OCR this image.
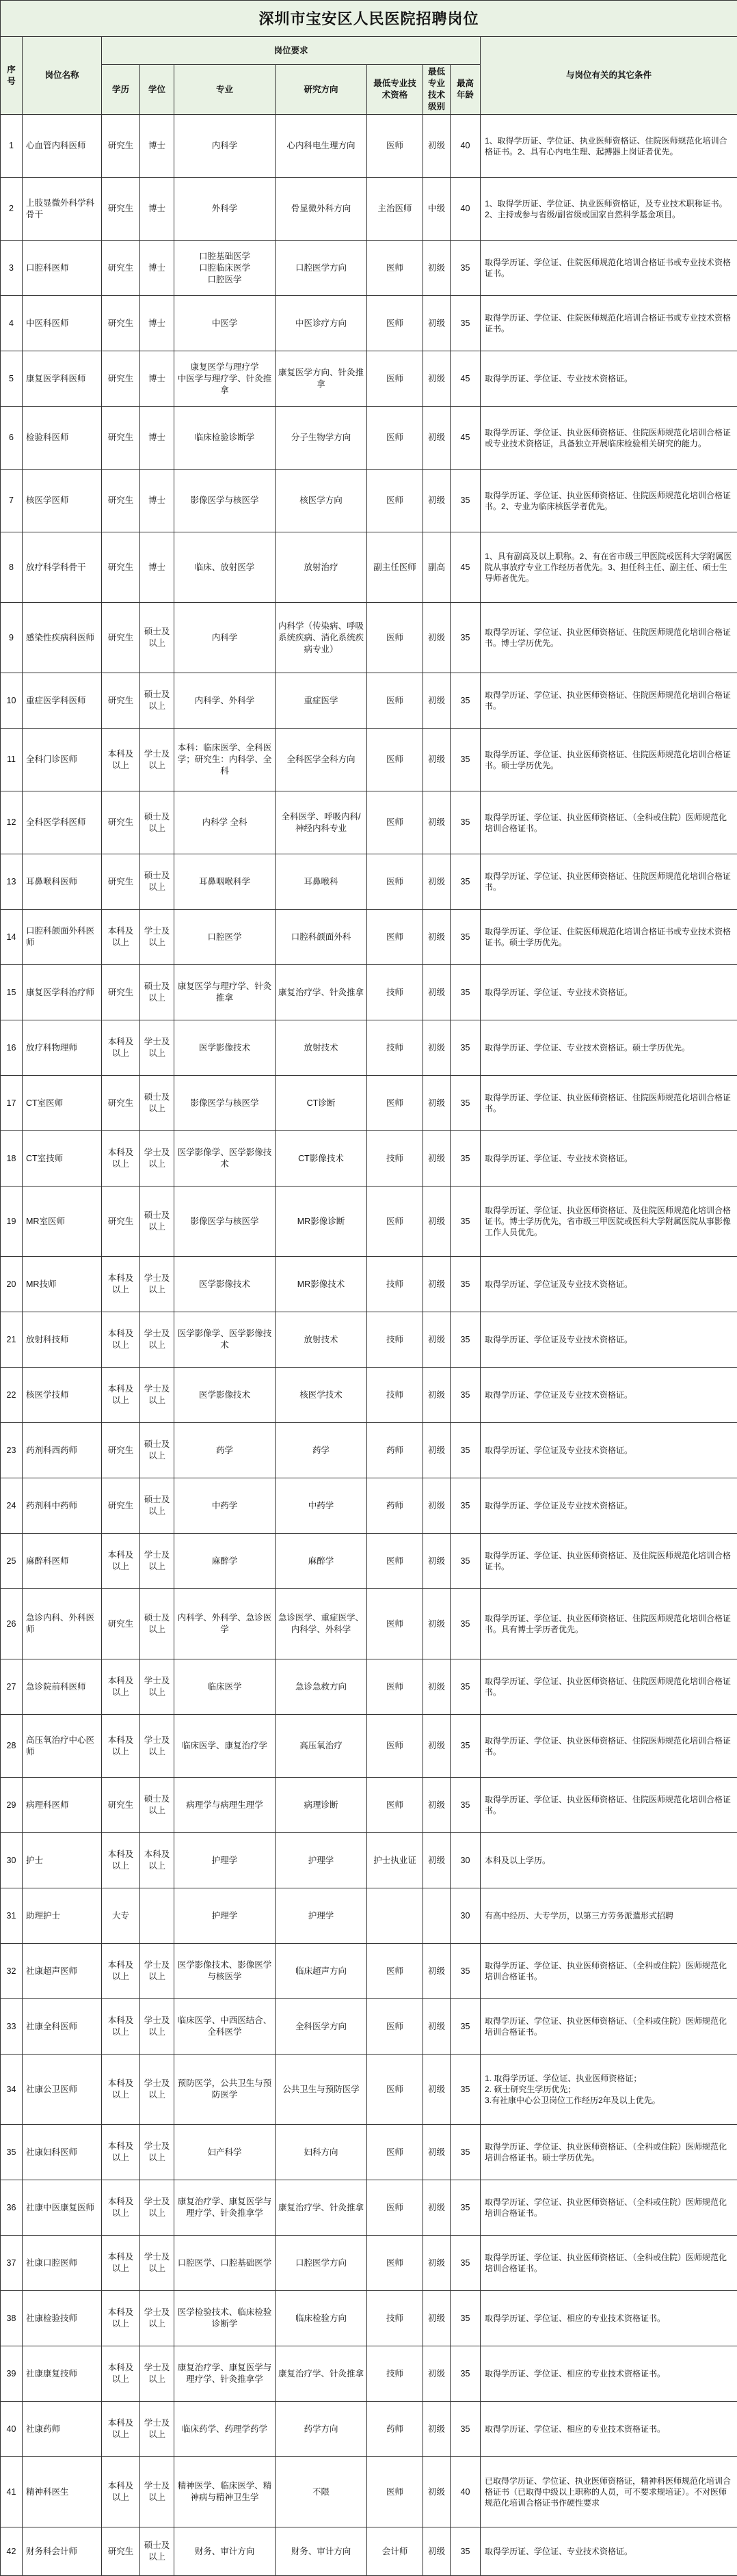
深圳市宝安区人民医院招聘岗位									
序号	岗位名称	岗位要求							与岗位有关的其它条件
		学历	学位	专业	研究方向	最低专业技术资格	最低专业技术级别	最高年龄	
1	心血管内科医师	研究生	博士	内科学	心内科电生理方向	医师	初级	40	1、取得学历证、学位证、执业医师资格证、住院医师规范化培训合格证书。2、具有心内电生理、起搏器上岗证者优先。
2	上肢显微外科学科骨干	研究生	博士	外科学	骨显微外科方向	主治医师	中级	40	1、取得学历证、学位证、执业医师资格证，及专业技术职称证书。2、主持或参与省级/副省级或国家自然科学基金项目。
3	口腔科医师	研究生	博士	口腔基础医学
口腔临床医学
口腔医学	口腔医学方向	医师	初级	35	取得学历证、学位证、住院医师规范化培训合格证书或专业技术资格证书。
4	中医科医师	研究生	博士	中医学	中医诊疗方向	医师	初级	35	取得学历证、学位证、住院医师规范化培训合格证书或专业技术资格证书。
5	康复医学科医师	研究生	博士	康复医学与理疗学
中医学与理疗学、针灸推拿	康复医学方向、针灸推拿	医师	初级	45	取得学历证、学位证、专业技术资格证。
6	检验科医师	研究生	博士	临床检验诊断学	分子生物学方向	医师	初级	45	取得学历证、学位证、执业医师资格证、住院医师规范化培训合格证或专业技术资格证，具备独立开展临床检验相关研究的能力。
7	核医学医师	研究生	博士	影像医学与核医学	核医学方向	医师	初级	35	取得学历证、学位证、执业医师资格证、住院医师规范化培训合格证书。2、专业为临床核医学者优先。
8	放疗科学科骨干	研究生	博士	临床、放射医学	放射治疗	副主任医师	副高	45	1、具有副高及以上职称。2、有在省市级三甲医院或医科大学附属医院从事放疗专业工作经历者优先。3、担任科主任、副主任、硕士生导师者优先。
9	感染性疾病科医师	研究生	硕士及以上	内科学	内科学（传染病、呼吸系统疾病、消化系统疾病专业）	医师	初级	35	取得学历证、学位证、执业医师资格证、住院医师规范化培训合格证书。博士学历优先。
10	重症医学科医师	研究生	硕士及以上	内科学、外科学	重症医学	医师	初级	35	取得学历证、学位证、执业医师资格证、住院医师规范化培训合格证书。
11	全科门诊医师	本科及以上	学士及以上	本科：临床医学、全科医学；研究生：内科学、全科	全科医学全科方向	医师	初级	35	取得学历证、学位证、执业医师资格证、住院医师规范化培训合格证书。硕士学历优先。
12	全科医学科医师	研究生	硕士及以上	内科学 全科	全科医学、呼吸内科/神经内科专业	医师	初级	35	取得学历证、学位证、执业医师资格证、（全科或住院）医师规范化培训合格证书。
13	耳鼻喉科医师	研究生	硕士及以上	耳鼻咽喉科学	耳鼻喉科	医师	初级	35	取得学历证、学位证、执业医师资格证、住院医师规范化培训合格证书。
14	口腔科颌面外科医师	本科及以上	学士及以上	口腔医学	口腔科颌面外科	医师	初级	35	取得学历证、学位证、住院医师规范化培训合格证书或专业技术资格证书。硕士学历优先。
15	康复医学科治疗师	研究生	硕士及以上	康复医学与理疗学、针灸推拿	康复治疗学、针灸推拿	技师	初级	35	取得学历证、学位证、专业技术资格证。
16	放疗科物理师	本科及以上	学士及以上	医学影像技术	放射技术	技师	初级	35	取得学历证、学位证、专业技术资格证。硕士学历优先。
17	CT室医师	研究生	硕士及以上	影像医学与核医学	CT诊断	医师	初级	35	取得学历证、学位证、执业医师资格证、住院医师规范化培训合格证书。
18	CT室技师	本科及以上	学士及以上	医学影像学、医学影像技术	CT影像技术	技师	初级	35	取得学历证、学位证、专业技术资格证。
19	MR室医师	研究生	硕士及以上	影像医学与核医学	MR影像诊断	医师	初级	35	取得学历证、学位证、执业医师资格证、及住院医师规范化培训合格证书。博士学历优先，省市级三甲医院或医科大学附属医院从事影像工作人员优先。
20	MR技师	本科及以上	学士及以上	医学影像技术	MR影像技术	技师	初级	35	取得学历证、学位证及专业技术资格证。
21	放射科技师	本科及以上	学士及以上	医学影像学、医学影像技术	放射技术	技师	初级	35	取得学历证、学位证及专业技术资格证。
22	核医学技师	本科及以上	学士及以上	医学影像技术	核医学技术	技师	初级	35	取得学历证、学位证及专业技术资格证。
23	药剂科西药师	研究生	硕士及以上	药学	药学	药师	初级	35	取得学历证、学位证及专业技术资格证。
24	药剂科中药师	研究生	硕士及以上	中药学	中药学	药师	初级	35	取得学历证、学位证及专业技术资格证。
25	麻醉科医师	本科及以上	学士及以上	麻醉学	麻醉学	医师	初级	35	取得学历证、学位证、执业医师资格证、及住院医师规范化培训合格证书。
26	急诊内科、外科医师	研究生	硕士及以上	内科学、外科学、急诊医学	急诊医学、重症医学、内科学、外科学	医师	初级	35	取得学历证、学位证、执业医师资格证、住院医师规范化培训合格证书。具有博士学历者优先。
27	急诊院前科医师	本科及以上	学士及以上	临床医学	急诊急救方向	医师	初级	35	取得学历证、学位证、执业医师资格证、住院医师规范化培训合格证书。
28	高压氧治疗中心医师	本科及以上	学士及以上	临床医学、康复治疗学	高压氧治疗	医师	初级	35	取得学历证、学位证、执业医师资格证、住院医师规范化培训合格证书。
29	病理科医师	研究生	硕士及以上	病理学与病理生理学	病理诊断	医师	初级	35	取得学历证、学位证、执业医师资格证、住院医师规范化培训合格证书。
30	护士	本科及以上	本科及以上	护理学	护理学	护士执业证	初级	30	本科及以上学历。
31	助理护士	大专		护理学	护理学			30	有高中经历、大专学历，以第三方劳务派遣形式招聘
32	社康超声医师	本科及以上	学士及以上	医学影像技术、影像医学与核医学	临床超声方向	医师	初级	35	取得学历证、学位证、执业医师资格证、（全科或住院）医师规范化培训合格证书。
33	社康全科医师	本科及以上	学士及以上	临床医学、中西医结合、全科医学	全科医学方向	医师	初级	35	取得学历证、学位证、执业医师资格证、（全科或住院）医师规范化培训合格证书。
34	社康公卫医师	本科及以上	学士及以上	预防医学，公共卫生与预防医学	公共卫生与预防医学	医师	初级	35	1. 取得学历证、学位证、执业医师资格证；
2. 硕士研究生学历优先；
3.有社康中心公卫岗位工作经历2年及以上优先。
35	社康妇科医师	本科及以上	学士及以上	妇产科学	妇科方向	医师	初级	35	取得学历证、学位证、执业医师资格证、（全科或住院）医师规范化培训合格证书。硕士学历优先。
36	社康中医康复医师	本科及以上	学士及以上	康复治疗学、康复医学与理疗学、针灸推拿学	康复治疗学、针灸推拿	医师	初级	35	取得学历证、学位证、执业医师资格证、（全科或住院）医师规范化培训合格证书。
37	社康口腔医师	本科及以上	学士及以上	口腔医学、口腔基础医学	口腔医学方向	医师	初级	35	取得学历证、学位证、执业医师资格证、（全科或住院）医师规范化培训合格证书。
38	社康检验技师	本科及以上	学士及以上	医学检验技术、临床检验诊断学	临床检验方向	技师	初级	35	取得学历证、学位证、相应的专业技术资格证书。
39	社康康复技师	本科及以上	学士及以上	康复治疗学、康复医学与理疗学、针灸推拿学	康复治疗学、针灸推拿	技师	初级	35	取得学历证、学位证、相应的专业技术资格证书。
40	社康药师	本科及以上	学士及以上	临床药学、药理学药学	药学方向	药师	初级	35	取得学历证、学位证、相应的专业技术资格证书。
41	精神科医生	本科及以上	学士及以上	精神医学、临床医学、精神病与精神卫生学	不限	医师	初级	40	已取得学历证、学位证、执业医师资格证，精神科医师规范化培训合格证书（已取得中级以上职称的人员，可不要求规培证）。不对医师规范化培训合格证书作硬性要求
42	财务科会计师	研究生	硕士及以上	财务、审计方向	财务、审计方向	会计师	初级	35	取得学历证、学位证、专业技术资格证。
